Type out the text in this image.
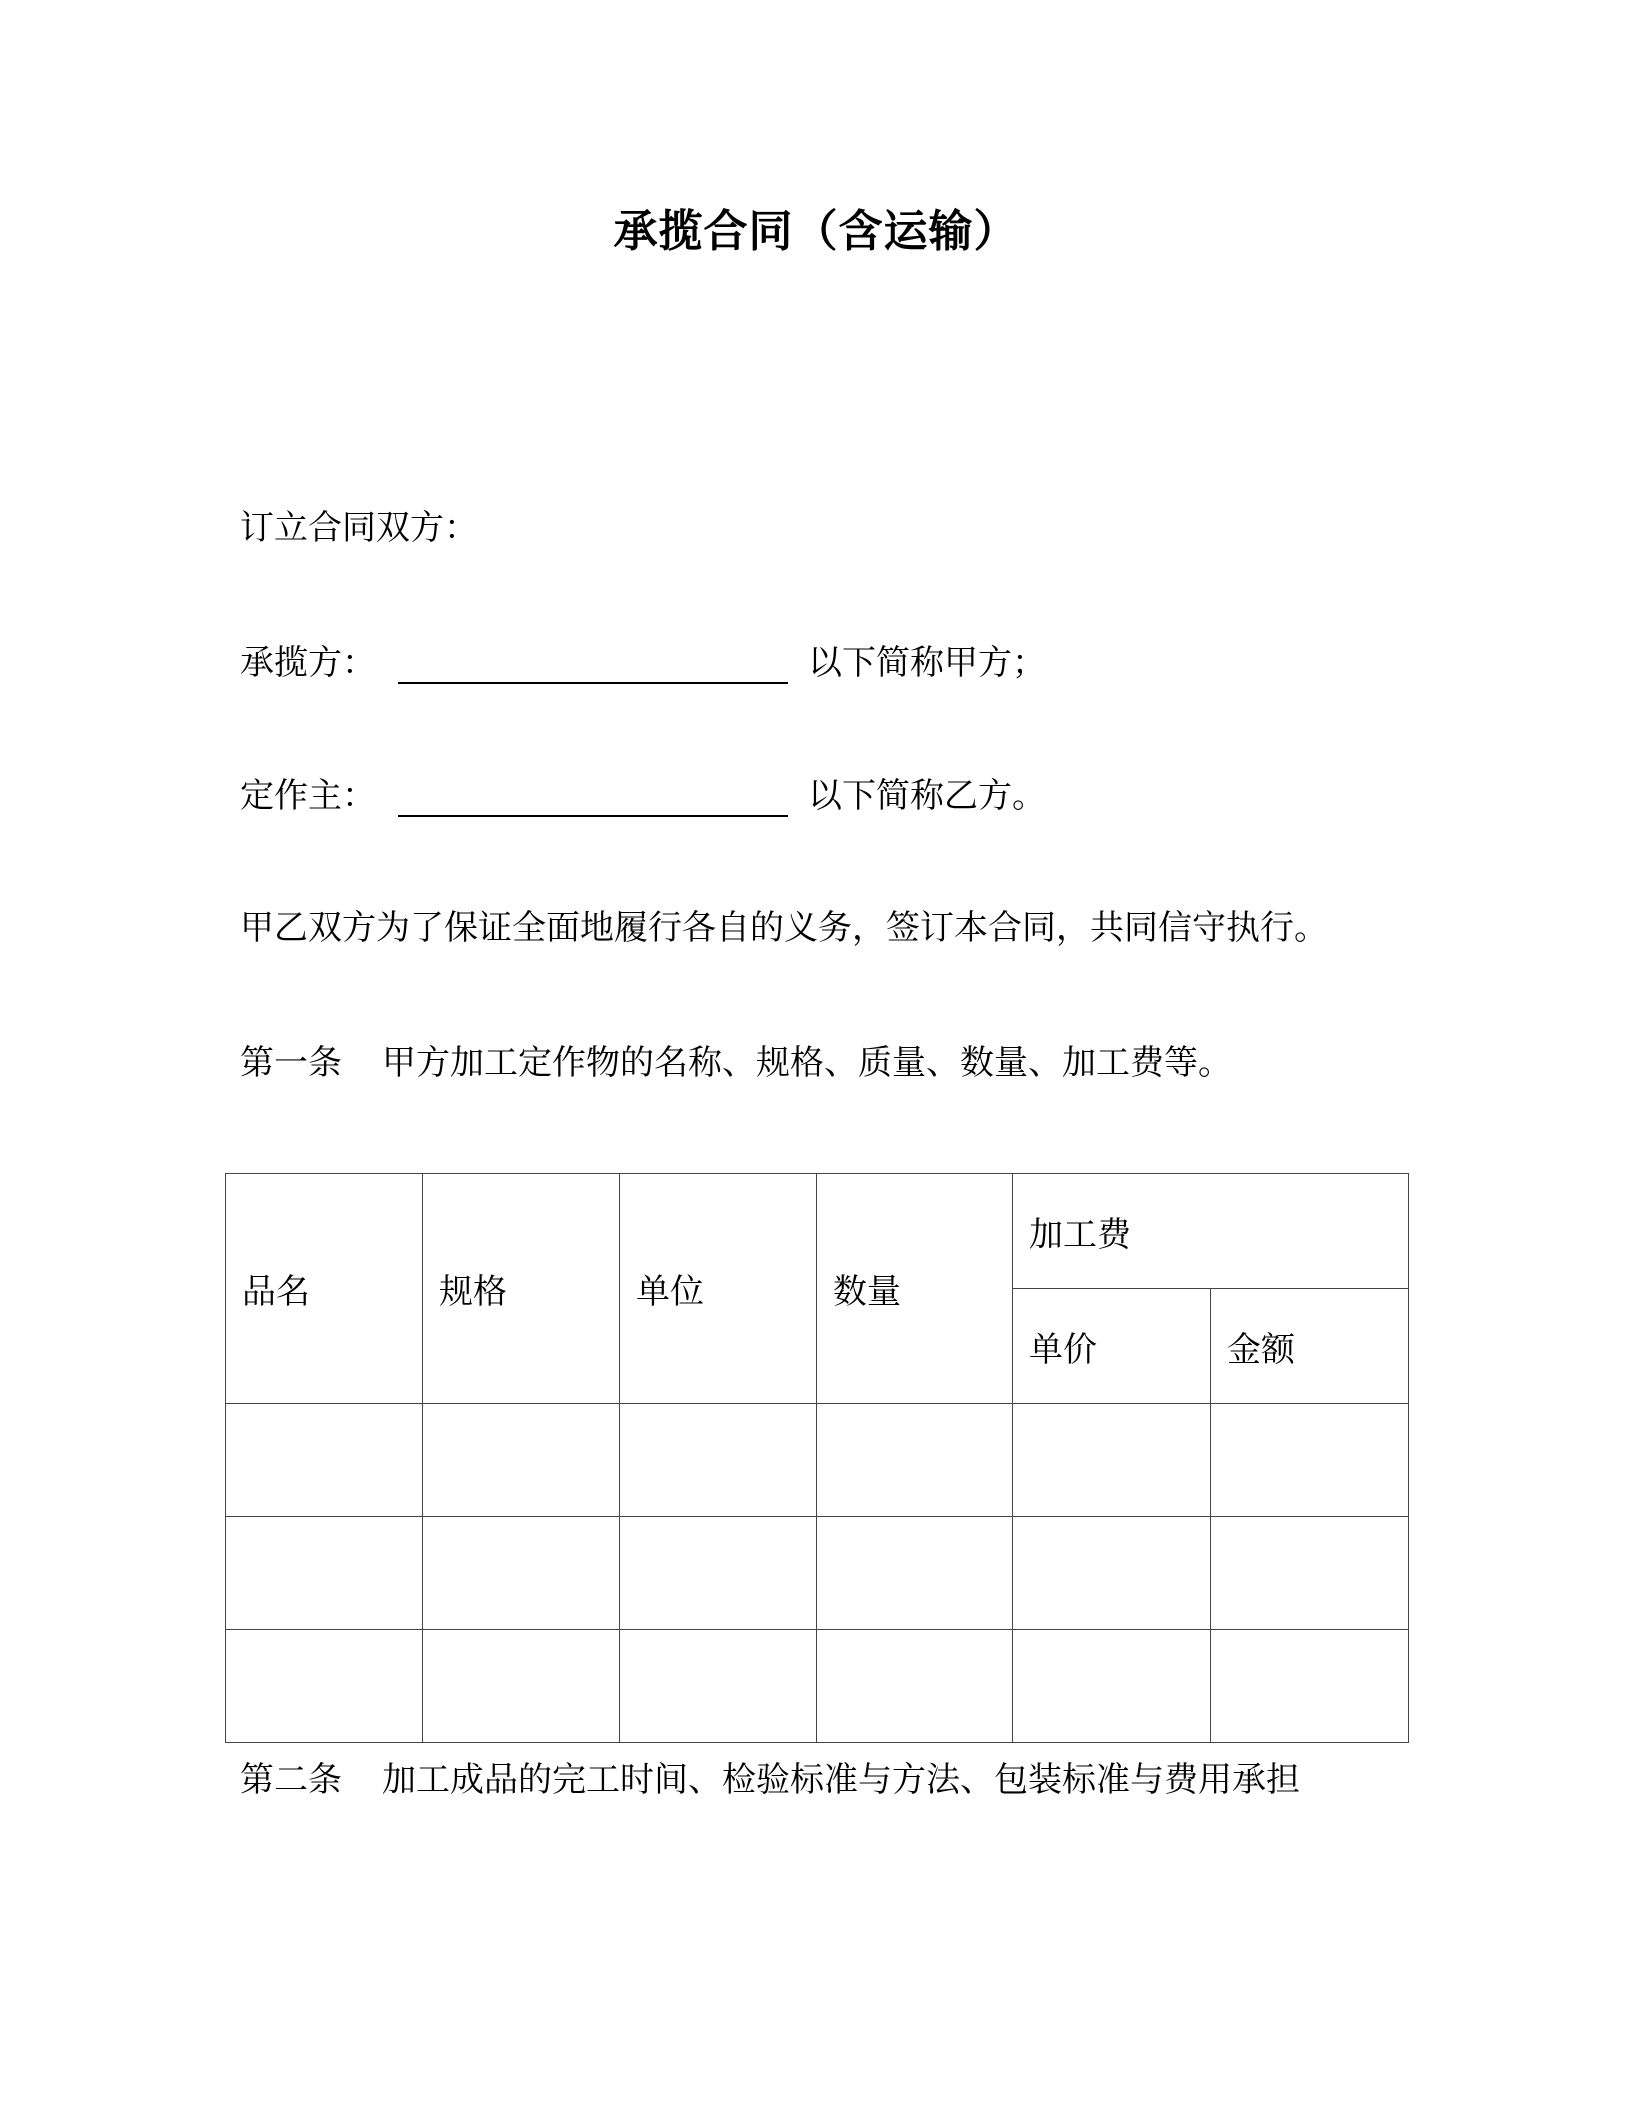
承揽合同（含运输）
订立合同双方：
承揽方：	以下简称甲方；
定作主：	以下简称乙方。
甲乙双方为了保证全面地履行各自的义务，签订本合同，共同信守执行。
第一条 甲方加工定作物的名称、规格、质量、数量、加工费等。
品名	规格	单位	数量	加工费	
				单价	金额

第二条 加工成品的完工时间、检验标准与方法、包装标准与费用承担
